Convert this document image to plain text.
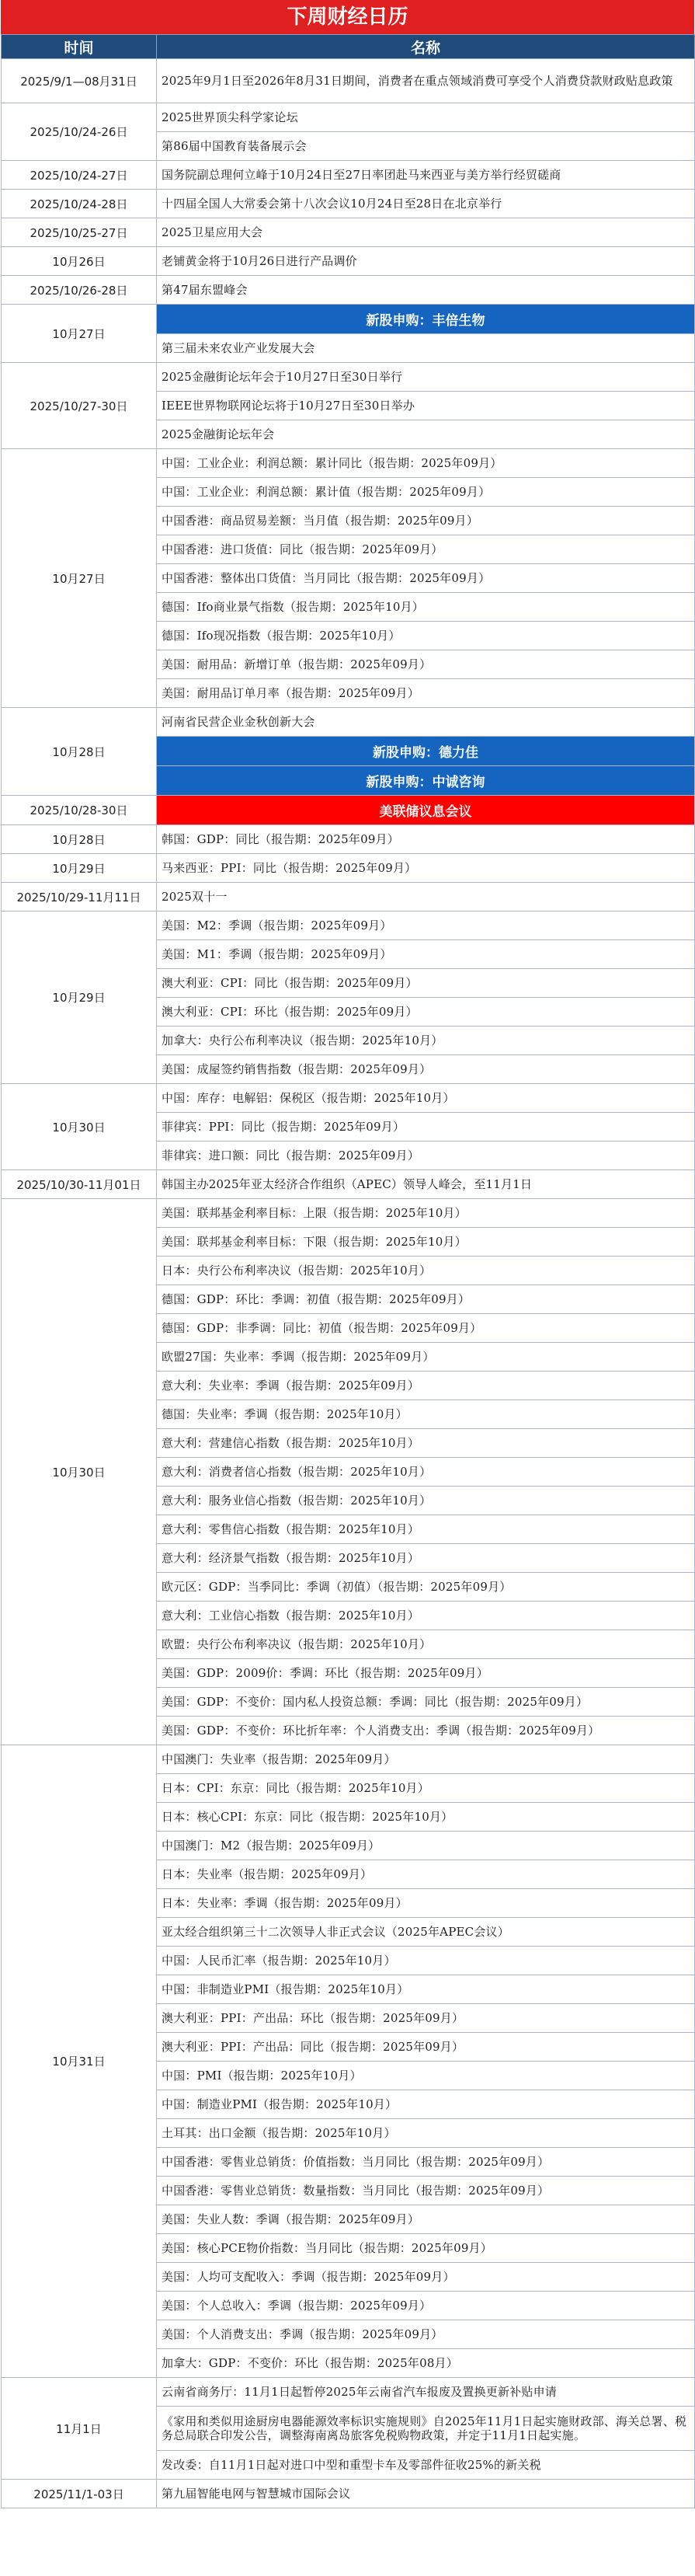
下周财经日历
时间	名称
2025/9/1—08月31日	2025年9月1日至2026年8月31日期间，消费者在重点领域消费可享受个人消费贷款财政贴息政策
2025/10/24-26日	2025世界顶尖科学家论坛
	第86届中国教育装备展示会
2025/10/24-27日	国务院副总理何立峰于10月24日至27日率团赴马来西亚与美方举行经贸磋商
2025/10/24-28日	十四届全国人大常委会第十八次会议10月24日至28日在北京举行
2025/10/25-27日	2025卫星应用大会
10月26日	老铺黄金将于10月26日进行产品调价
2025/10/26-28日	第47届东盟峰会
10月27日	新股申购：丰倍生物
	第三届未来农业产业发展大会
2025/10/27-30日	2025金融街论坛年会于10月27日至30日举行
	IEEE世界物联网论坛将于10月27日至30日举办
	2025金融街论坛年会
10月27日	中国：工业企业：利润总额：累计同比（报告期：2025年09月）
	中国：工业企业：利润总额：累计值（报告期：2025年09月）
	中国香港：商品贸易差额：当月值（报告期：2025年09月）
	中国香港：进口货值：同比（报告期：2025年09月）
	中国香港：整体出口货值：当月同比（报告期：2025年09月）
	德国：Ifo商业景气指数（报告期：2025年10月）
	德国：Ifo现况指数（报告期：2025年10月）
	美国：耐用品：新增订单（报告期：2025年09月）
	美国：耐用品订单月率（报告期：2025年09月）
10月28日	河南省民营企业金秋创新大会
	新股申购：德力佳
	新股申购：中诚咨询
2025/10/28-30日	美联储议息会议
10月28日	韩国：GDP：同比（报告期：2025年09月）
10月29日	马来西亚：PPI：同比（报告期：2025年09月）
2025/10/29-11月11日	2025双十一
10月29日	美国：M2：季调（报告期：2025年09月）
	美国：M1：季调（报告期：2025年09月）
	澳大利亚：CPI：同比（报告期：2025年09月）
	澳大利亚：CPI：环比（报告期：2025年09月）
	加拿大：央行公布利率决议（报告期：2025年10月）
	美国：成屋签约销售指数（报告期：2025年09月）
10月30日	中国：库存：电解铝：保税区（报告期：2025年10月）
	菲律宾：PPI：同比（报告期：2025年09月）
	菲律宾：进口额：同比（报告期：2025年09月）
2025/10/30-11月01日	韩国主办2025年亚太经济合作组织（APEC）领导人峰会，至11月1日
10月30日	美国：联邦基金利率目标：上限（报告期：2025年10月）
	美国：联邦基金利率目标：下限（报告期：2025年10月）
	日本：央行公布利率决议（报告期：2025年10月）
	德国：GDP：环比：季调：初值（报告期：2025年09月）
	德国：GDP：非季调：同比：初值（报告期：2025年09月）
	欧盟27国：失业率：季调（报告期：2025年09月）
	意大利：失业率：季调（报告期：2025年09月）
	德国：失业率：季调（报告期：2025年10月）
	意大利：营建信心指数（报告期：2025年10月）
	意大利：消费者信心指数（报告期：2025年10月）
	意大利：服务业信心指数（报告期：2025年10月）
	意大利：零售信心指数（报告期：2025年10月）
	意大利：经济景气指数（报告期：2025年10月）
	欧元区：GDP：当季同比：季调（初值）（报告期：2025年09月）
	意大利：工业信心指数（报告期：2025年10月）
	欧盟：央行公布利率决议（报告期：2025年10月）
	美国：GDP：2009价：季调：环比（报告期：2025年09月）
	美国：GDP：不变价：国内私人投资总额：季调：同比（报告期：2025年09月）
	美国：GDP：不变价：环比折年率：个人消费支出：季调（报告期：2025年09月）
10月31日	中国澳门：失业率（报告期：2025年09月）
	日本：CPI：东京：同比（报告期：2025年10月）
	日本：核心CPI：东京：同比（报告期：2025年10月）
	中国澳门：M2（报告期：2025年09月）
	日本：失业率（报告期：2025年09月）
	日本：失业率：季调（报告期：2025年09月）
	亚太经合组织第三十二次领导人非正式会议（2025年APEC会议）
	中国：人民币汇率（报告期：2025年10月）
	中国：非制造业PMI（报告期：2025年10月）
	澳大利亚：PPI：产出品：环比（报告期：2025年09月）
	澳大利亚：PPI：产出品：同比（报告期：2025年09月）
	中国：PMI（报告期：2025年10月）
	中国：制造业PMI（报告期：2025年10月）
	土耳其：出口金额（报告期：2025年10月）
	中国香港：零售业总销货：价值指数：当月同比（报告期：2025年09月）
	中国香港：零售业总销货：数量指数：当月同比（报告期：2025年09月）
	美国：失业人数：季调（报告期：2025年09月）
	美国：核心PCE物价指数：当月同比（报告期：2025年09月）
	美国：人均可支配收入：季调（报告期：2025年09月）
	美国：个人总收入：季调（报告期：2025年09月）
	美国：个人消费支出：季调（报告期：2025年09月）
	加拿大：GDP：不变价：环比（报告期：2025年08月）
11月1日	云南省商务厅：11月1日起暂停2025年云南省汽车报废及置换更新补贴申请
	《家用和类似用途厨房电器能源效率标识实施规则》自2025年11月1日起实施财政部、海关总署、税务总局联合印发公告，调整海南离岛旅客免税购物政策，并定于11月1日起实施。
	发改委：自11月1日起对进口中型和重型卡车及零部件征收25%的新关税
2025/11/1-03日	第九届智能电网与智慧城市国际会议
